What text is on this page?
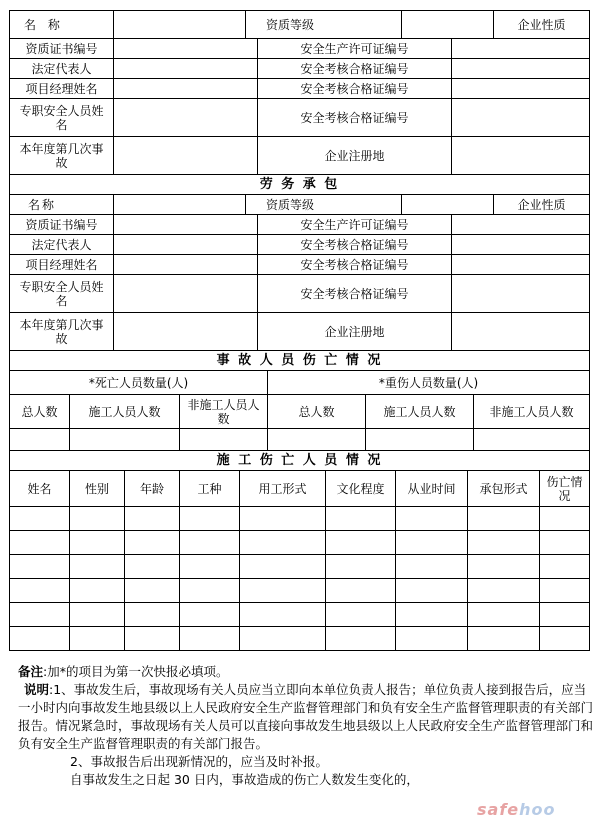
名 称		资质等级				企业性质
资质证书编号			安全生产许可证编号			
法定代表人			安全考核合格证编号			
项目经理姓名			安全考核合格证编号			
专职安全人员姓名			安全考核合格证编号			
本年度第几次事故			企业注册地			
劳 务 承 包						
名称		资质等级				企业性质
资质证书编号			安全生产许可证编号			
法定代表人			安全考核合格证编号			
项目经理姓名			安全考核合格证编号			
专职安全人员姓名			安全考核合格证编号			
本年度第几次事故			企业注册地			
事 故 人 员 伤 亡 情 况						
*死亡人员数量(人)			*重伤人员数量(人)		
总人数	施工人员人数	非施工人员人数	总人数	施工人员人数	非施工人员人数

施 工 伤 亡 人 员 情 况					
姓名	性别	年龄	工种	用工形式	文化程度	从业时间	承包形式	伤亡情况

备注:加*的项目为第一次快报必填项。

说明:1、事故发生后，事故现场有关人员应当立即向本单位负责人报告；单位负责人接到报告后，应当一小时内向事故发生地县级以上人民政府安全生产监督管理部门和负有安全生产监督管理职责的有关部门报告。情况紧急时，事故现场有关人员可以直接向事故发生地县级以上人民政府安全生产监督管理部门和负有安全生产监督管理职责的有关部门报告。

2、事故报告后出现新情况的，应当及时补报。

自事故发生之日起 30 日内，事故造成的伤亡人数发生变化的，

safehoo
